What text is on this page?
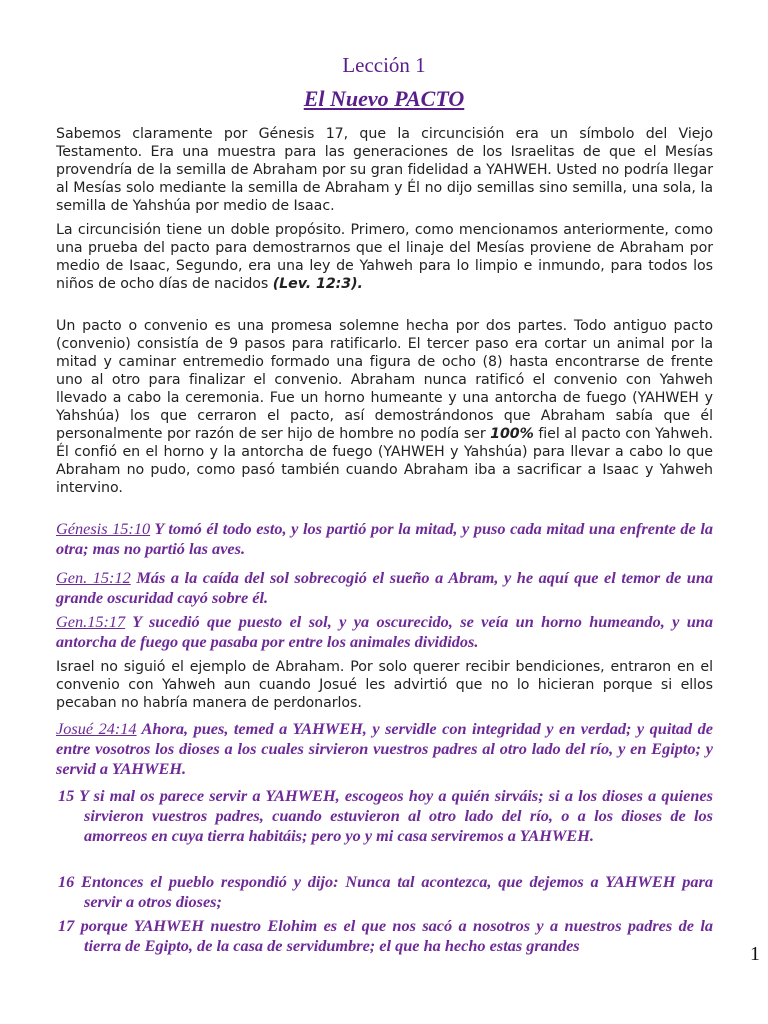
Lección 1
El Nuevo PACTO
Sabemos claramente por Génesis 17, que la circuncisión era un símbolo del Viejo Testamento. Era una muestra para las generaciones de los Israelitas de que el Mesías provendría de la semilla de Abraham por su gran fidelidad a YAHWEH. Usted no podría llegar al Mesías solo mediante la semilla de Abraham y Él no dijo semillas sino semilla, una sola, la semilla de Yahshúa por medio de Isaac.
La circuncisión tiene un doble propósito. Primero, como mencionamos anteriormente, como una prueba del pacto para demostrarnos que el linaje del Mesías proviene de Abraham por medio de Isaac, Segundo, era una ley de Yahweh para lo limpio e inmundo, para todos los niños de ocho días de nacidos (Lev. 12:3).
Un pacto o convenio es una promesa solemne hecha por dos partes. Todo antiguo pacto (convenio) consistía de 9 pasos para ratificarlo. El tercer paso era cortar un animal por la mitad y caminar entremedio formado una figura de ocho (8) hasta encontrarse de frente uno al otro para finalizar el convenio. Abraham nunca ratificó el convenio con Yahweh llevado a cabo la ceremonia. Fue un horno humeante y una antorcha de fuego (YAHWEH y Yahshúa) los que cerraron el pacto, así demostrándonos que Abraham sabía que él personalmente por razón de ser hijo de hombre no podía ser 100% fiel al pacto con Yahweh. Él confió en el horno y la antorcha de fuego (YAHWEH y Yahshúa) para llevar a cabo lo que Abraham no pudo, como pasó también cuando Abraham iba a sacrificar a Isaac y Yahweh intervino.
Génesis 15:10 Y tomó él todo esto, y los partió por la mitad, y puso cada mitad una enfrente de la otra; mas no partió las aves.
Gen. 15:12 Más a la caída del sol sobrecogió el sueño a Abram, y he aquí que el temor de una grande oscuridad cayó sobre él.
Gen.15:17 Y sucedió que puesto el sol, y ya oscurecido, se veía un horno humeando, y una antorcha de fuego que pasaba por entre los animales divididos.
Israel no siguió el ejemplo de Abraham. Por solo querer recibir bendiciones, entraron en el convenio con Yahweh aun cuando Josué les advirtió que no lo hicieran porque si ellos pecaban no habría manera de perdonarlos.
Josué 24:14 Ahora, pues, temed a YAHWEH, y servidle con integridad y en verdad; y quitad de entre vosotros los dioses a los cuales sirvieron vuestros padres al otro lado del río, y en Egipto; y servid a YAHWEH.
15 Y si mal os parece servir a YAHWEH, escogeos hoy a quién sirváis; si a los dioses a quienes sirvieron vuestros padres, cuando estuvieron al otro lado del río, o a los dioses de los amorreos en cuya tierra habitáis; pero yo y mi casa serviremos a YAHWEH.
16 Entonces el pueblo respondió y dijo: Nunca tal acontezca, que dejemos a YAHWEH para servir a otros dioses;
17 porque YAHWEH nuestro Elohim es el que nos sacó a nosotros y a nuestros padres de la tierra de Egipto, de la casa de servidumbre; el que ha hecho estas grandes	1
